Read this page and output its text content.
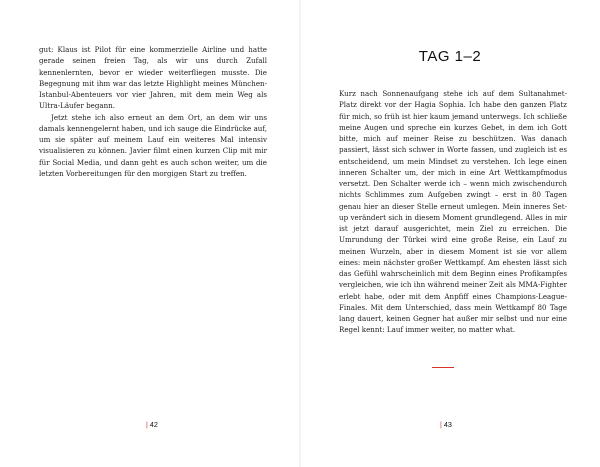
gut: Klaus ist Pilot für eine kommerzielle Airline und hatte gerade seinen freien Tag, als wir uns durch Zufall kennenlernten, bevor er wieder weiterfliegen musste. Die Begegnung mit ihm war das letzte Highlight meines München-Istanbul-Abenteuers vor vier Jahren, mit dem mein Weg als Ultra-Läufer begann.

Jetzt stehe ich also erneut an dem Ort, an dem wir uns damals kennengelernt haben, und ich sauge die Eindrücke auf, um sie später auf meinem Lauf ein weiteres Mal intensiv visualisieren zu können. Javier filmt einen kurzen Clip mit mir für Social Media, und dann geht es auch schon weiter, um die letzten Vorbereitungen für den morgigen Start zu treffen.

| 42
TAG 1–2

Kurz nach Sonnenaufgang stehe ich auf dem Sultanahmet-Platz direkt vor der Hagia Sophia. Ich habe den ganzen Platz für mich, so früh ist hier kaum jemand unterwegs. Ich schließe meine Augen und spreche ein kurzes Gebet, in dem ich Gott bitte, mich auf meiner Reise zu beschützen. Was danach passiert, lässt sich schwer in Worte fassen, und zugleich ist es entscheidend, um mein Mindset zu verstehen. Ich lege einen inneren Schalter um, der mich in eine Art Wettkampfmodus versetzt. Den Schalter werde ich – wenn mich zwischendurch nichts Schlimmes zum Aufgeben zwingt – erst in 80 Tagen genau hier an dieser Stelle erneut umlegen. Mein inneres Set-up verändert sich in diesem Moment grundlegend. Alles in mir ist jetzt darauf ausgerichtet, mein Ziel zu erreichen. Die Umrundung der Türkei wird eine große Reise, ein Lauf zu meinen Wurzeln, aber in diesem Moment ist sie vor allem eines: mein nächster großer Wettkampf. Am ehesten lässt sich das Gefühl wahrscheinlich mit dem Beginn eines Profikampfes vergleichen, wie ich ihn während meiner Zeit als MMA-Fighter erlebt habe, oder mit dem Anpfiff eines Champions-League-Finales. Mit dem Unterschied, dass mein Wettkampf 80 Tage lang dauert, keinen Gegner hat außer mir selbst und nur eine Regel kennt: Lauf immer weiter, no matter what.

| 43
